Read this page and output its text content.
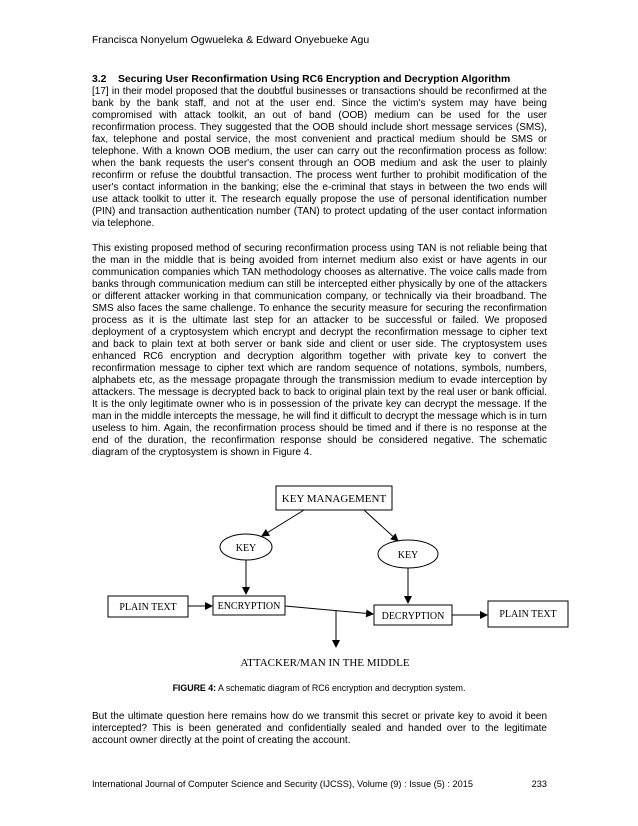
Francisca Nonyelum Ogwueleka & Edward Onyebueke Agu
3.2 Securing User Reconfirmation Using RC6 Encryption and Decryption Algorithm

[17] in their model proposed that the doubtful businesses or transactions should be reconfirmed at the bank by the bank staff, and not at the user end. Since the victim's system may have being compromised with attack toolkit, an out of band (OOB) medium can be used for the user reconfirmation process. They suggested that the OOB should include short message services (SMS), fax, telephone and postal service, the most convenient and practical medium should be SMS or telephone. With a known OOB medium, the user can carry out the reconfirmation process as follow: when the bank requests the user's consent through an OOB medium and ask the user to plainly reconfirm or refuse the doubtful transaction. The process went further to prohibit modification of the user's contact information in the banking; else the e-criminal that stays in between the two ends will use attack toolkit to utter it. The research equally propose the use of personal identification number (PIN) and transaction authentication number (TAN) to protect updating of the user contact information via telephone.

This existing proposed method of securing reconfirmation process using TAN is not reliable being that the man in the middle that is being avoided from internet medium also exist or have agents in our communication companies which TAN methodology chooses as alternative. The voice calls made from banks through communication medium can still be intercepted either physically by one of the attackers or different attacker working in that communication company, or technically via their broadband. The SMS also faces the same challenge. To enhance the security measure for securing the reconfirmation process as it is the ultimate last step for an attacker to be successful or failed. We proposed deployment of a cryptosystem which encrypt and decrypt the reconfirmation message to cipher text and back to plain text at both server or bank side and client or user side. The cryptosystem uses enhanced RC6 encryption and decryption algorithm together with private key to convert the reconfirmation message to cipher text which are random sequence of notations, symbols, numbers, alphabets etc, as the message propagate through the transmission medium to evade interception by attackers. The message is decrypted back to back to original plain text by the real user or bank official. It is the only legitimate owner who is in possession of the private key can decrypt the message. If the man in the middle intercepts the message, he will find it difficult to decrypt the message which is in turn useless to him. Again, the reconfirmation process should be timed and if there is no response at the end of the duration, the reconfirmation response should be considered negative. The schematic diagram of the cryptosystem is shown in Figure 4.

KEY MANAGEMENT
KEY
KEY
PLAIN TEXT	ENCRYPTION
DECRYPTION	PLAIN TEXT
ATTACKER/MAN IN THE MIDDLE
FIGURE 4: A schematic diagram of RC6 encryption and decryption system.

But the ultimate question here remains how do we transmit this secret or private key to avoid it been intercepted? This is been generated and confidentially sealed and handed over to the legitimate account owner directly at the point of creating the account.

International Journal of Computer Science and Security (IJCSS), Volume (9) : Issue (5) : 2015	233
